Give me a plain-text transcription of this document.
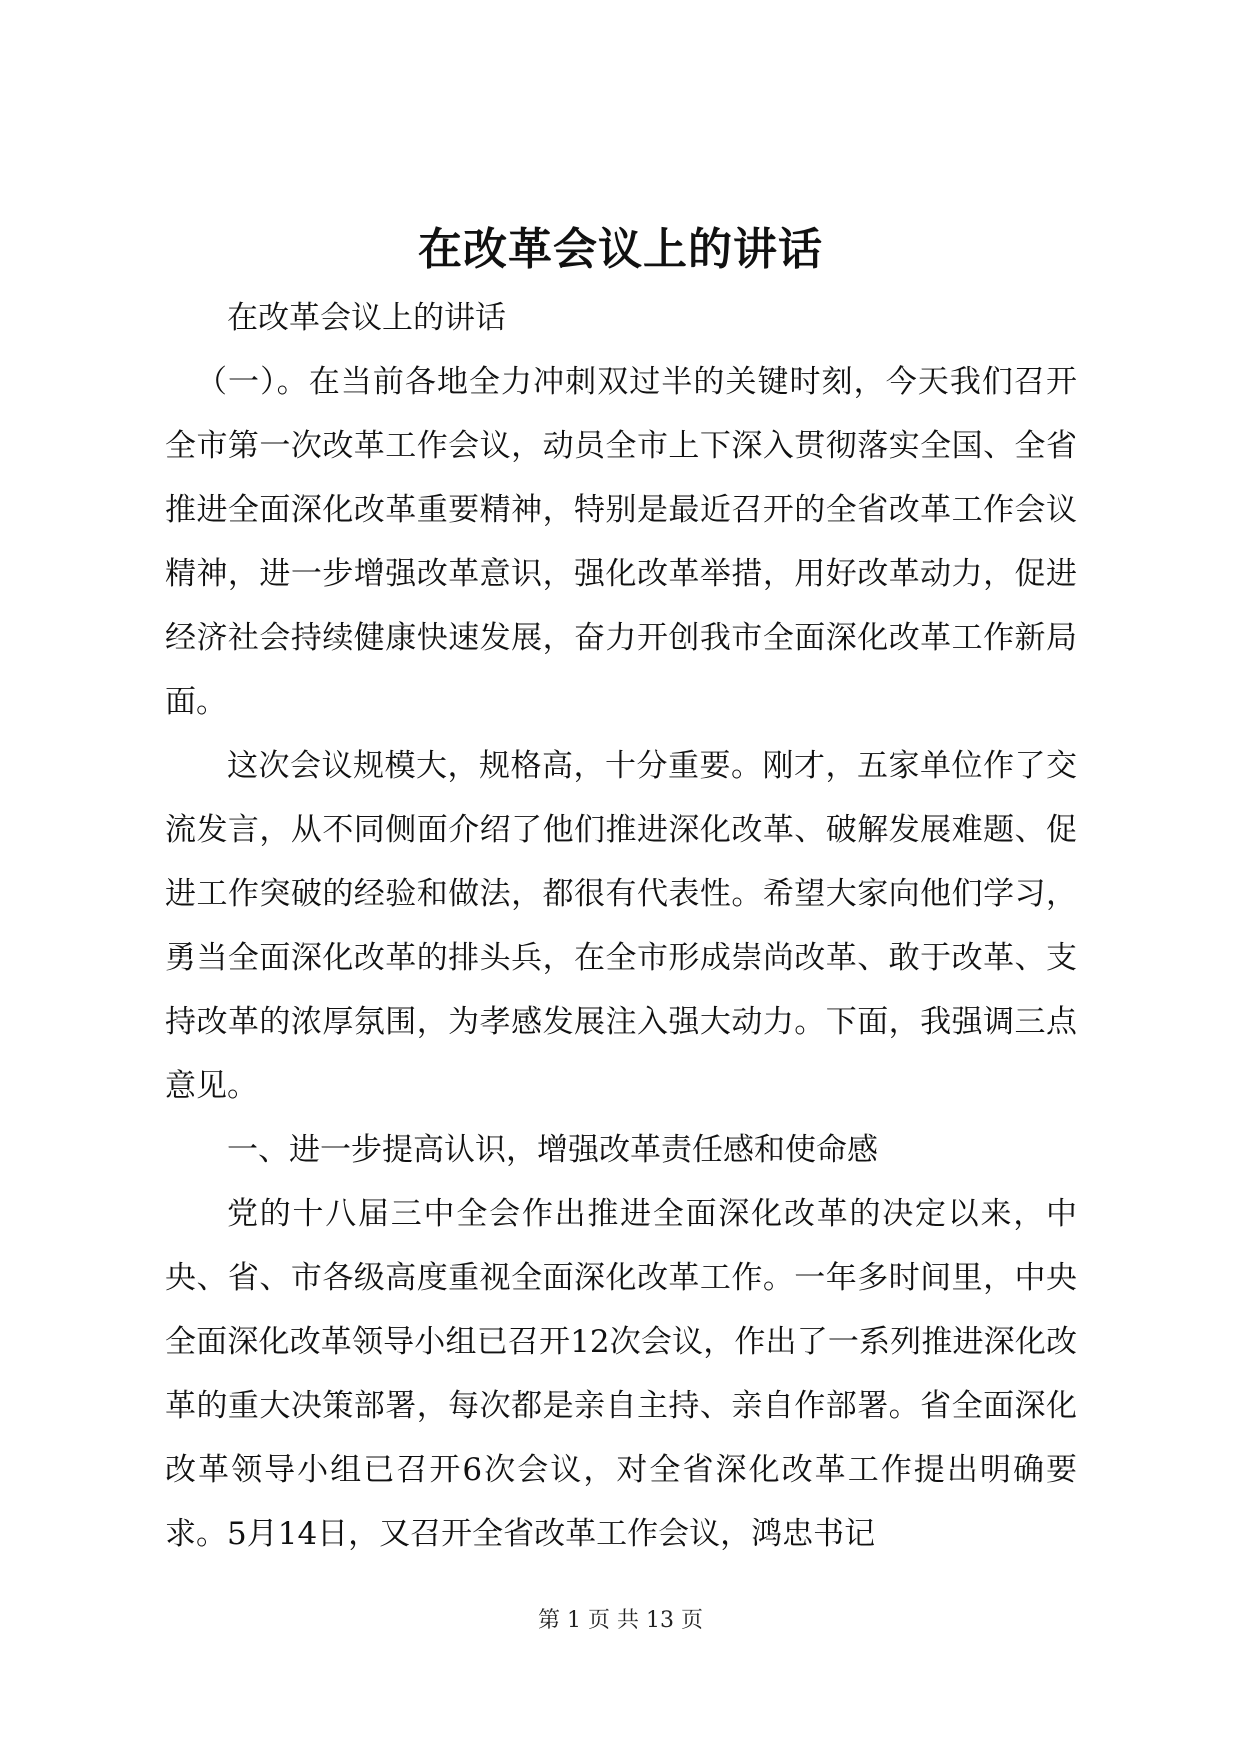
在改革会议上的讲话

在改革会议上的讲话

（一）。在当前各地全力冲刺双过半的关键时刻，今天我们召开全市第一次改革工作会议，动员全市上下深入贯彻落实全国、全省推进全面深化改革重要精神，特别是最近召开的全省改革工作会议精神，进一步增强改革意识，强化改革举措，用好改革动力，促进经济社会持续健康快速发展，奋力开创我市全面深化改革工作新局面。

这次会议规模大，规格高，十分重要。刚才，五家单位作了交流发言，从不同侧面介绍了他们推进深化改革、破解发展难题、促进工作突破的经验和做法，都很有代表性。希望大家向他们学习，勇当全面深化改革的排头兵，在全市形成崇尚改革、敢于改革、支持改革的浓厚氛围，为孝感发展注入强大动力。下面，我强调三点意见。

一、进一步提高认识，增强改革责任感和使命感

党的十八届三中全会作出推进全面深化改革的决定以来，中央、省、市各级高度重视全面深化改革工作。一年多时间里，中央全面深化改革领导小组已召开12次会议，作出了一系列推进深化改革的重大决策部署，每次都是亲自主持、亲自作部署。省全面深化改革领导小组已召开6次会议，对全省深化改革工作提出明确要求。5月14日，又召开全省改革工作会议，鸿忠书记

第 1 页 共 13 页
